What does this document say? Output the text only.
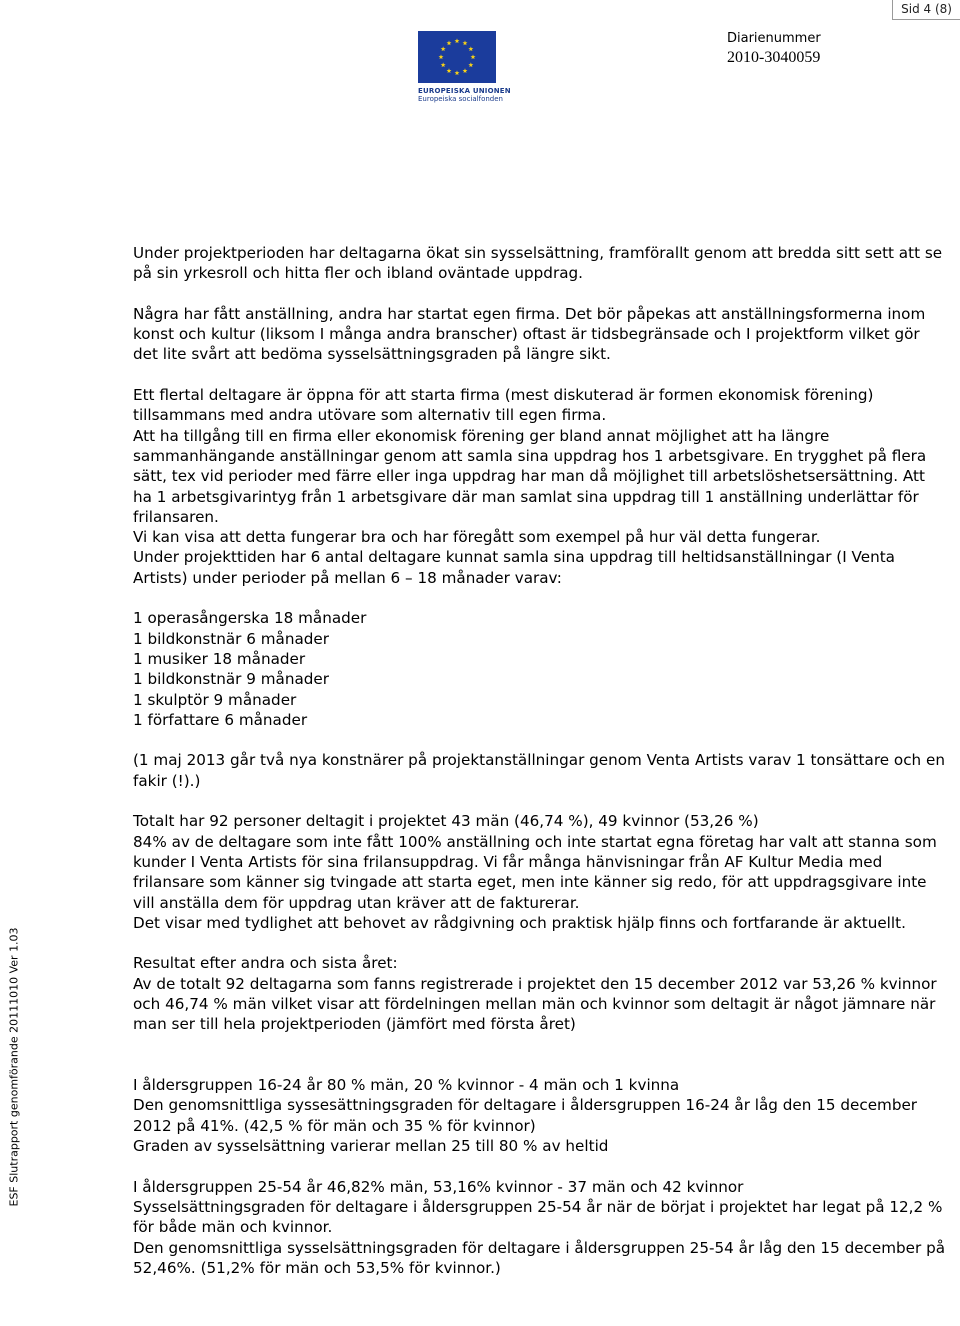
Sid 4 (8)
EUROPEISKA UNIONEN
Europeiska socialfonden
Diarienummer
2010-3040059
ESF Slutrapport genomförande 20111010 Ver 1.03

Under projektperioden har deltagarna ökat sin sysselsättning, framförallt genom att bredda sitt sett att se på sin yrkesroll och hitta fler och ibland oväntade uppdrag.

Några har fått anställning, andra har startat egen firma. Det bör påpekas att anställningsformerna inom konst och kultur (liksom I många andra branscher) oftast är tidsbegränsade och I projektform vilket gör det lite svårt att bedöma sysselsättningsgraden på längre sikt.

Ett flertal deltagare är öppna för att starta firma (mest diskuterad är formen ekonomisk förening) tillsammans med andra utövare som alternativ till egen firma.

Att ha tillgång till en firma eller ekonomisk förening ger bland annat möjlighet att ha längre sammanhängande anställningar genom att samla sina uppdrag hos 1 arbetsgivare. En trygghet på flera sätt, tex vid perioder med färre eller inga uppdrag har man då möjlighet till arbetslöshetsersättning. Att ha 1 arbetsgivarintyg från 1 arbetsgivare där man samlat sina uppdrag till 1 anställning underlättar för frilansaren.

Vi kan visa att detta fungerar bra och har föregått som exempel på hur väl detta fungerar.

Under projekttiden har 6 antal deltagare kunnat samla sina uppdrag till heltidsanställningar (I Venta Artists) under perioder på mellan 6 – 18 månader varav:

1 operasångerska 18 månader

1 bildkonstnär 6 månader

1 musiker 18 månader

1 bildkonstnär 9 månader

1 skulptör 9 månader

1 författare 6 månader

(1 maj 2013 går två nya konstnärer på projektanställningar genom Venta Artists varav 1 tonsättare och en fakir (!).)

Totalt har 92 personer deltagit i projektet 43 män (46,74 %), 49 kvinnor (53,26 %)

84% av de deltagare som inte fått 100% anställning och inte startat egna företag har valt att stanna som kunder I Venta Artists för sina frilansuppdrag. Vi får många hänvisningar från AF Kultur Media med frilansare som känner sig tvingade att starta eget, men inte känner sig redo, för att uppdragsgivare inte vill anställa dem för uppdrag utan kräver att de fakturerar.

Det visar med tydlighet att behovet av rådgivning och praktisk hjälp finns och fortfarande är aktuellt.

Resultat efter andra och sista året:

Av de totalt 92 deltagarna som fanns registrerade i projektet den 15 december 2012 var 53,26 % kvinnor och 46,74 % män vilket visar att fördelningen mellan män och kvinnor som deltagit är något jämnare när man ser till hela projektperioden (jämfört med första året)

I åldersgruppen 16-24 år 80 % män, 20 % kvinnor - 4 män och 1 kvinna

Den genomsnittliga syssesättningsgraden för deltagare i åldersgruppen 16-24 år låg den 15 december 2012 på 41%. (42,5 % för män och 35 % för kvinnor)

Graden av sysselsättning varierar mellan 25 till 80 % av heltid

I åldersgruppen 25-54 år 46,82% män, 53,16% kvinnor - 37 män och 42 kvinnor

Sysselsättningsgraden för deltagare i åldersgruppen 25-54 år när de börjat i projektet har legat på 12,2 % för både män och kvinnor.

Den genomsnittliga sysselsättningsgraden för deltagare i åldersgruppen 25-54 år låg den 15 december på 52,46%. (51,2% för män och 53,5% för kvinnor.)
